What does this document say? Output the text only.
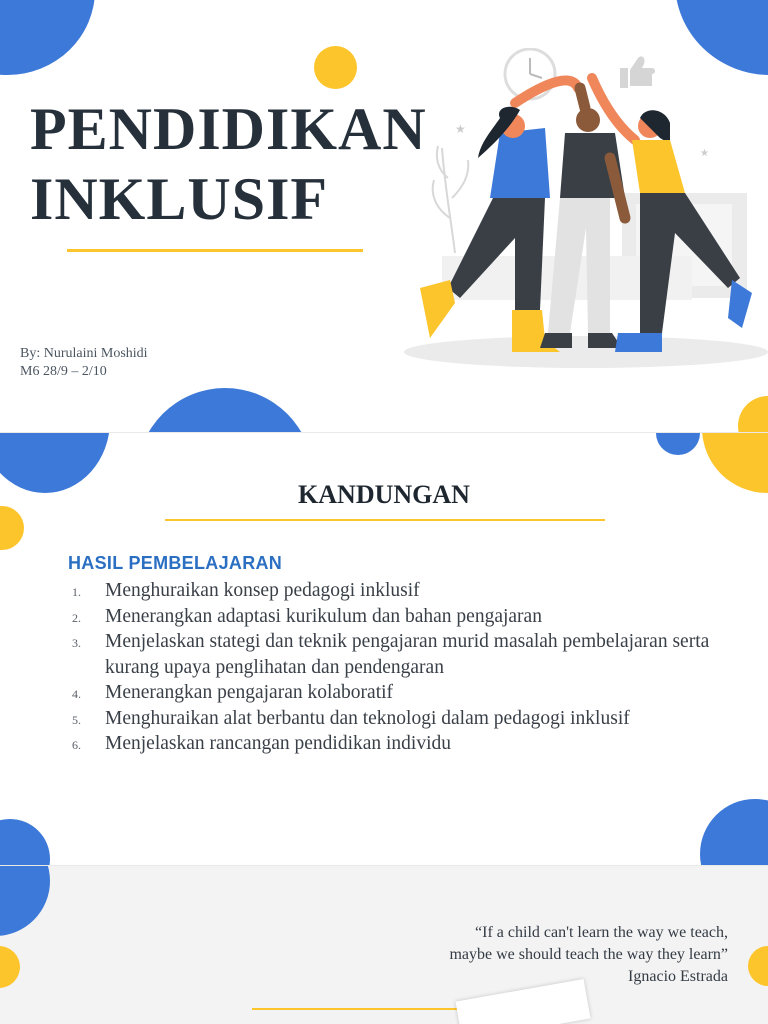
PENDIDIKAN
INKLUSIF
By: Nurulaini Moshidi
M6 28/9 – 2/10
★
★
KANDUNGAN
HASIL PEMBELAJARAN
1. Menghuraikan konsep pedagogi inklusif
2. Menerangkan adaptasi kurikulum dan bahan pengajaran
3. Menjelaskan stategi dan teknik pengajaran murid masalah pembelajaran serta kurang upaya penglihatan dan pendengaran
4. Menerangkan pengajaran kolaboratif
5. Menghuraikan alat berbantu dan teknologi dalam pedagogi inklusif
6. Menjelaskan rancangan pendidikan individu
“If a child can't learn the way we teach,
maybe we should teach the way they learn”
Ignacio Estrada
